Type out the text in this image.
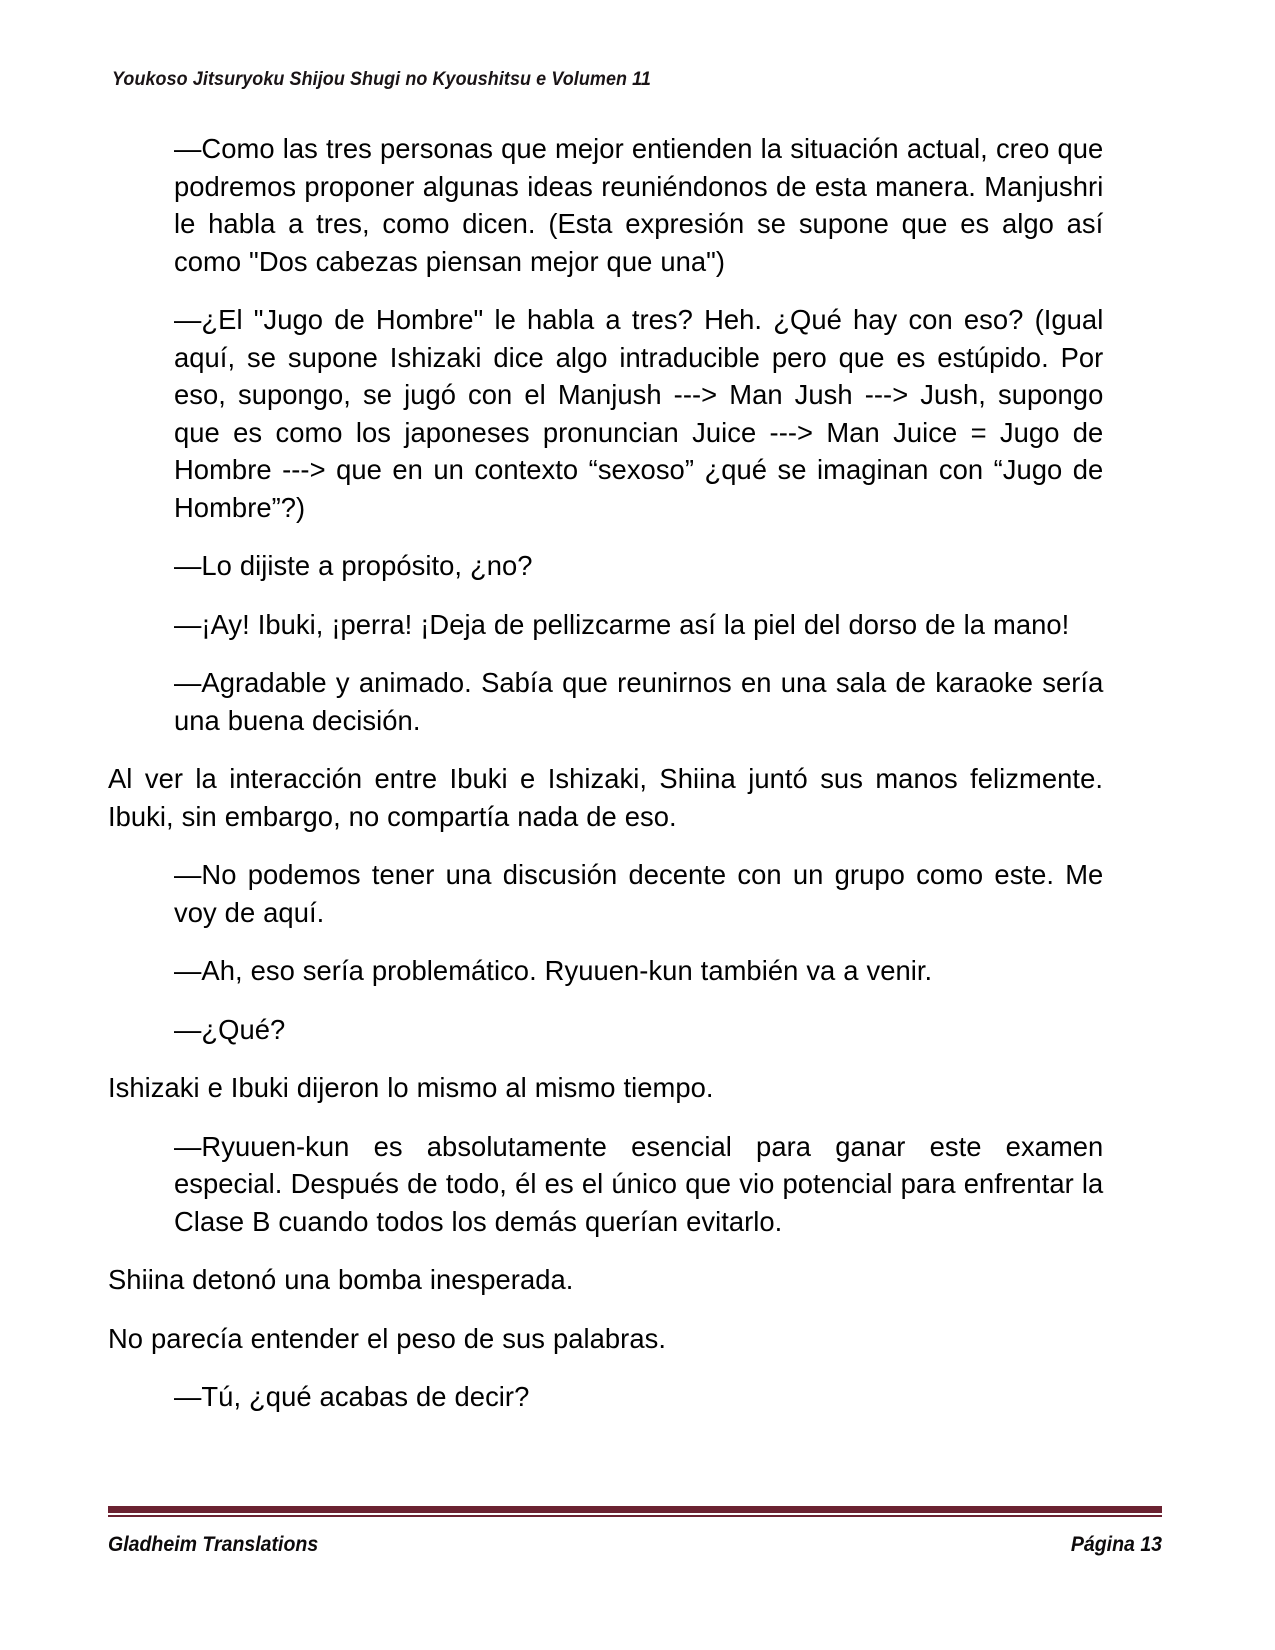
Youkoso Jitsuryoku Shijou Shugi no Kyoushitsu e Volumen 11

—Como las tres personas que mejor entienden la situación actual, creo que podremos proponer algunas ideas reuniéndonos de esta manera. Manjushri le habla a tres, como dicen. (Esta expresión se supone que es algo así como "Dos cabezas piensan mejor que una")

—¿El "Jugo de Hombre" le habla a tres? Heh. ¿Qué hay con eso? (Igual aquí, se supone Ishizaki dice algo intraducible pero que es estúpido. Por eso, supongo, se jugó con el Manjush ---> Man Jush ---> Jush, supongo que es como los japoneses pronuncian Juice ---> Man Juice = Jugo de Hombre ---> que en un contexto “sexoso” ¿qué se imaginan con “Jugo de Hombre”?)

—Lo dijiste a propósito, ¿no?

—¡Ay! Ibuki, ¡perra! ¡Deja de pellizcarme así la piel del dorso de la mano!

—Agradable y animado. Sabía que reunirnos en una sala de karaoke sería una buena decisión.

Al ver la interacción entre Ibuki e Ishizaki, Shiina juntó sus manos felizmente. Ibuki, sin embargo, no compartía nada de eso.

—No podemos tener una discusión decente con un grupo como este. Me voy de aquí.

—Ah, eso sería problemático. Ryuuen-kun también va a venir.

—¿Qué?

Ishizaki e Ibuki dijeron lo mismo al mismo tiempo.

—Ryuuen-kun es absolutamente esencial para ganar este examen especial. Después de todo, él es el único que vio potencial para enfrentar la Clase B cuando todos los demás querían evitarlo.

Shiina detonó una bomba inesperada.

No parecía entender el peso de sus palabras.

—Tú, ¿qué acabas de decir?

Gladheim Translations	Página 13
